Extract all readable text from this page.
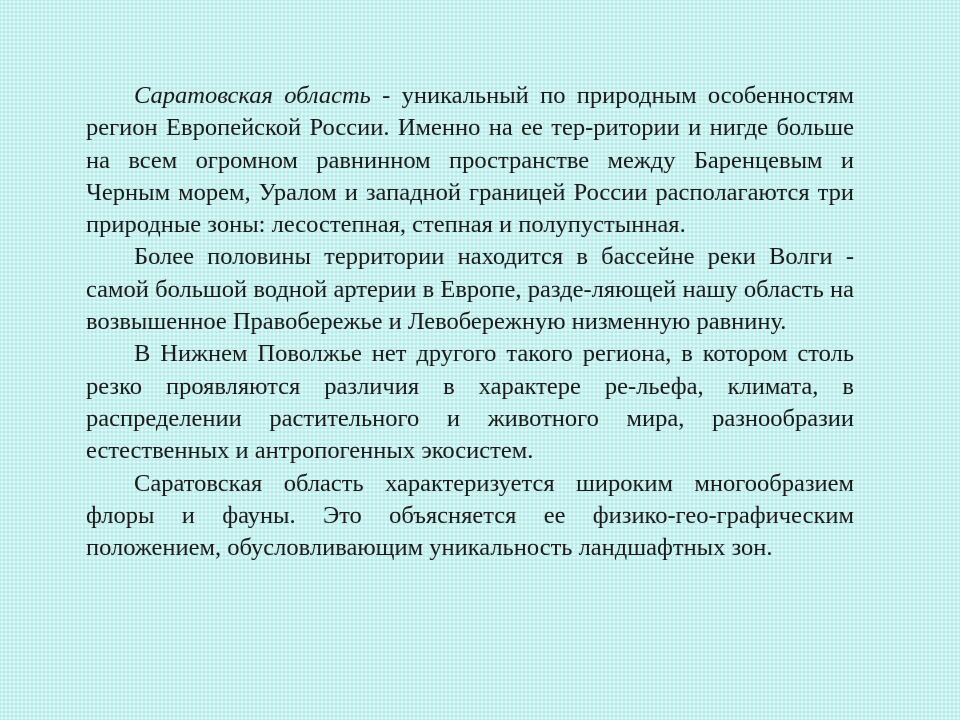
Саратовская область - уникальный по природным особенностям регион Европейской России. Именно на ее тер-ритории и нигде больше на всем огромном равнинном пространстве между Баренцевым и Черным морем, Уралом и западной границей России располагаются три природные зоны: лесостепная, степная и полупустынная.

Более половины территории находится в бассейне реки Волги - самой большой водной артерии в Европе, разде-ляющей нашу область на возвышенное Правобережье и Левобережную низменную равнину.

В Нижнем Поволжье нет другого такого региона, в котором столь резко проявляются различия в характере ре-льефа, климата, в распределении растительного и животного мира, разнообразии естественных и антропогенных экосистем.

Саратовская область характеризуется широким многообразием флоры и фауны. Это объясняется ее физико-гео-графическим положением, обусловливающим уникальность ландшафтных зон.
